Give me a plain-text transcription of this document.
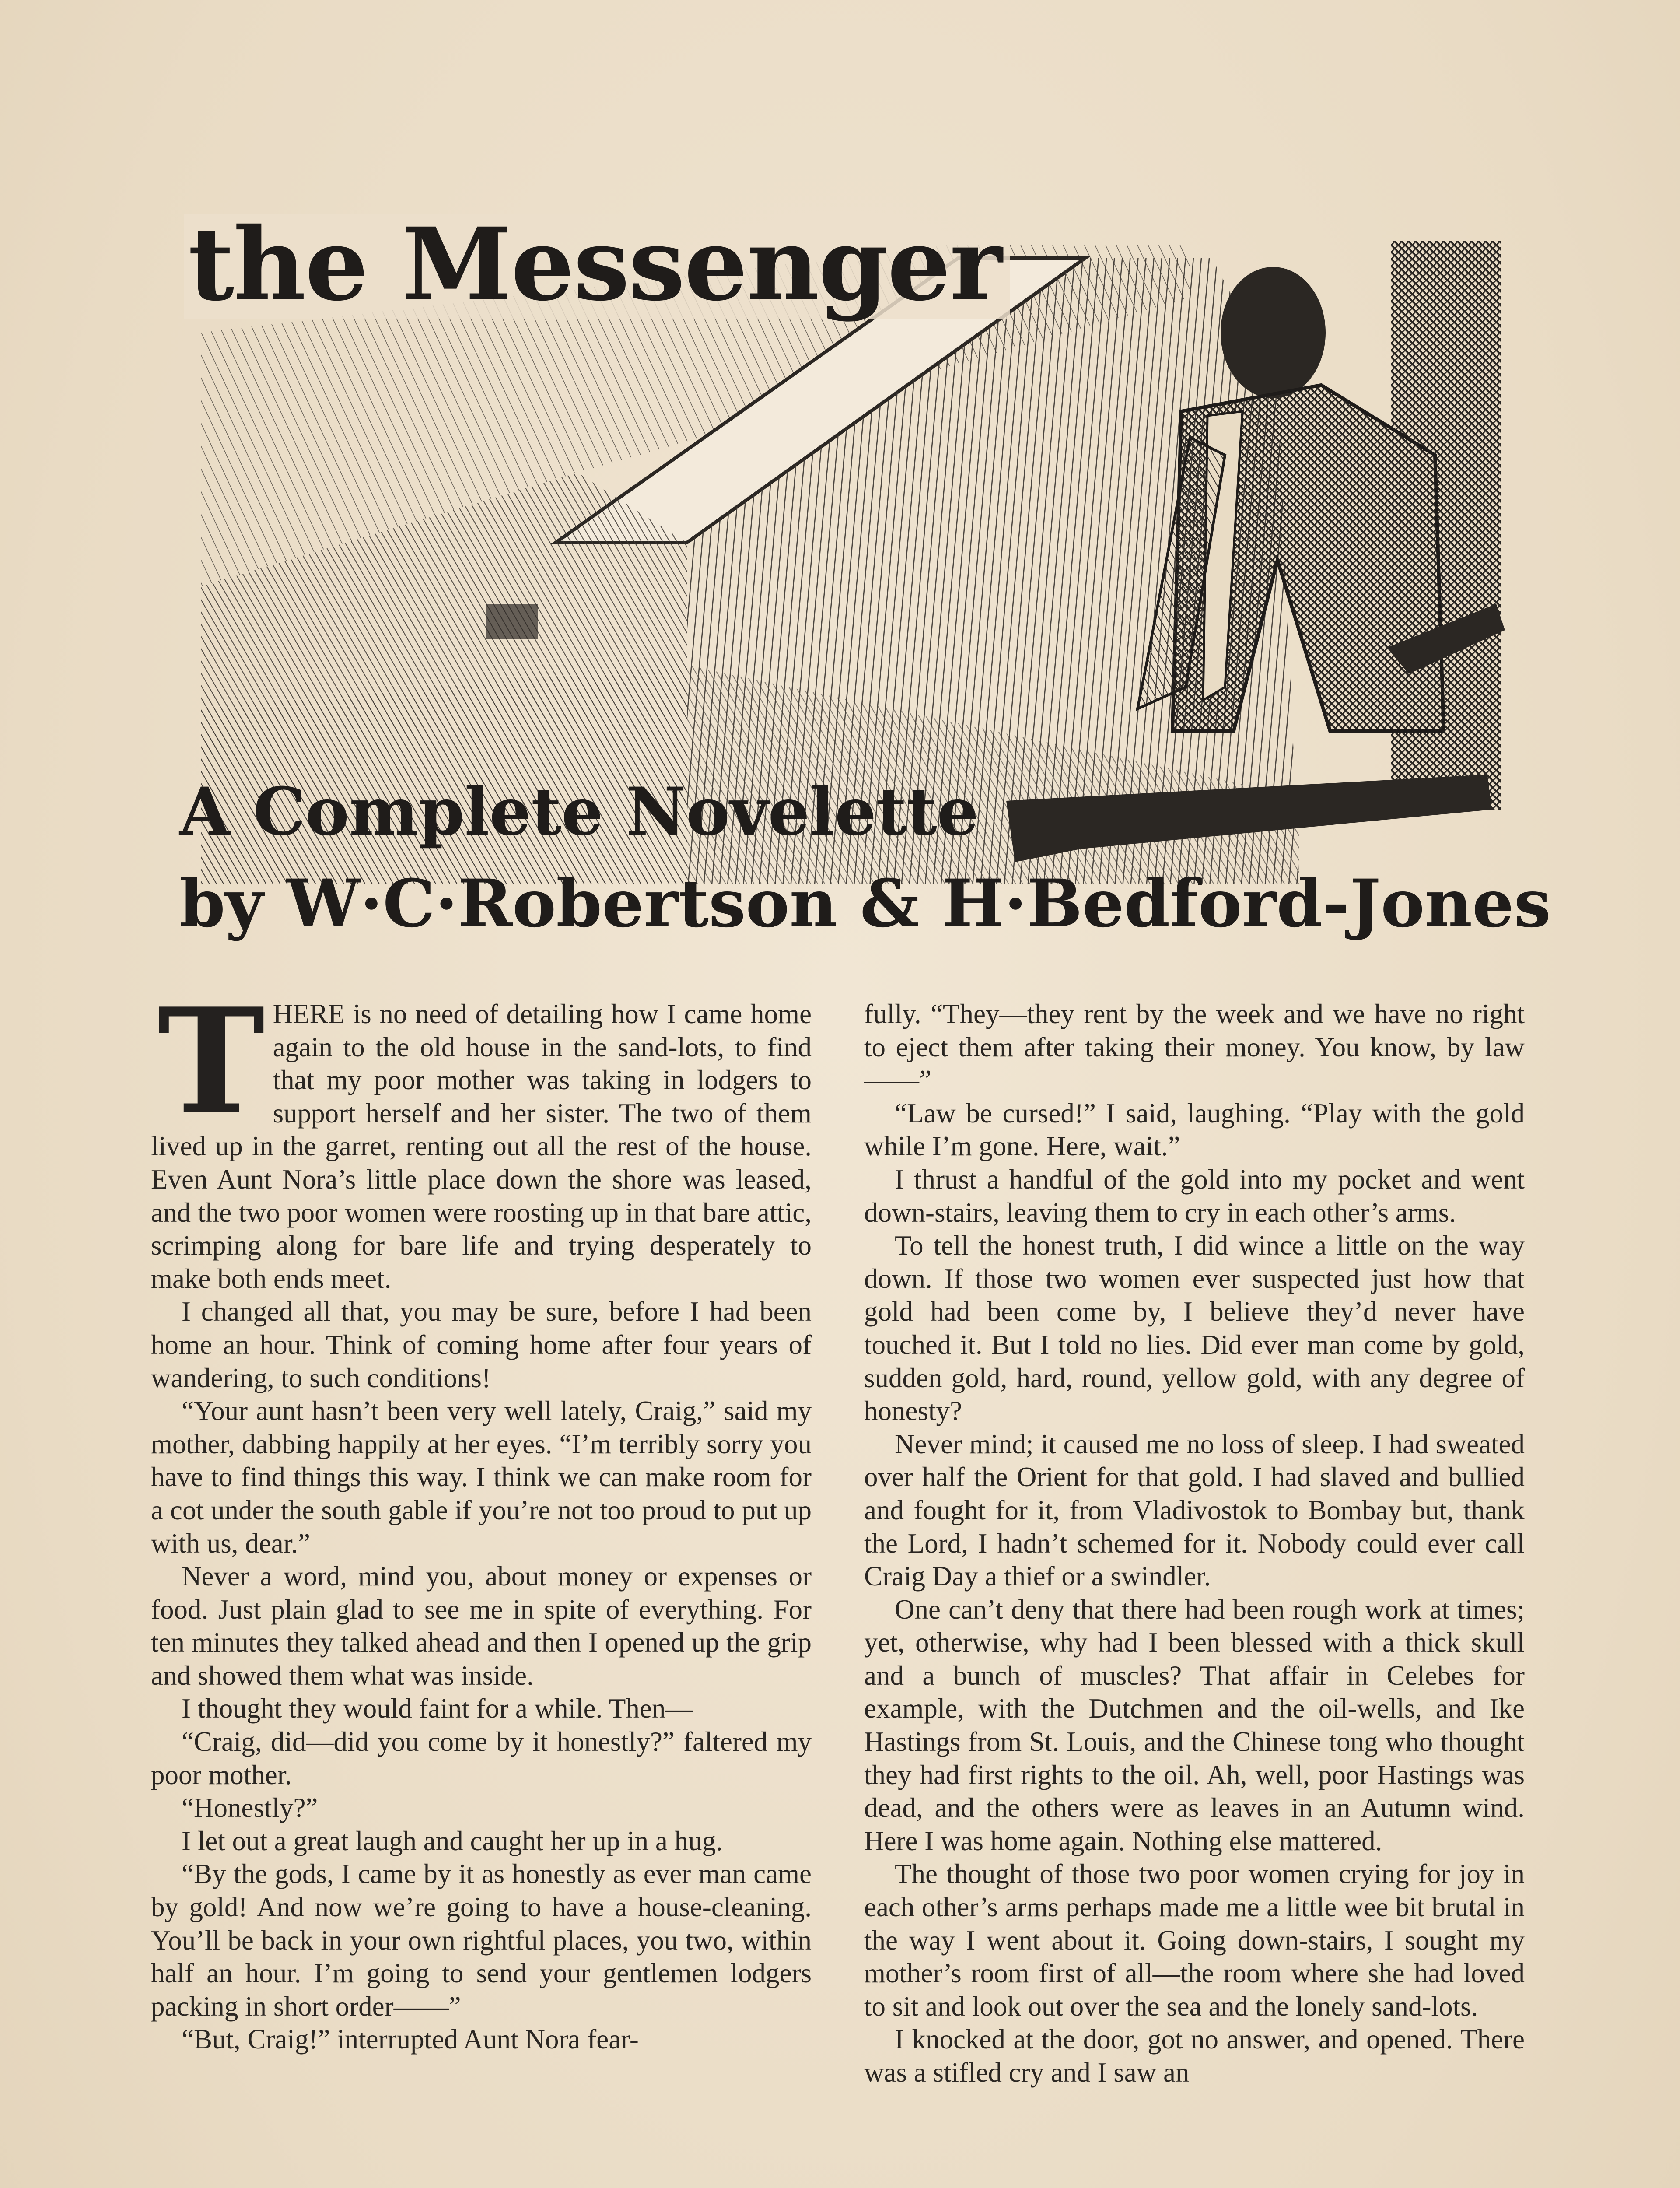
the Messenger
A Complete Novelette
by W·C·Robertson & H·Bedford-Jones

THERE is no need of detailing how I came home again to the old house in the sand-lots, to find that my poor mother was taking in lodgers to support herself and her sister. The two of them lived up in the garret, renting out all the rest of the house. Even Aunt Nora’s little place down the shore was leased, and the two poor women were roosting up in that bare attic, scrimping along for bare life and trying desperately to make both ends meet.

I changed all that, you may be sure, before I had been home an hour. Think of coming home after four years of wandering, to such conditions!

“Your aunt hasn’t been very well lately, Craig,” said my mother, dabbing happily at her eyes. “I’m terribly sorry you have to find things this way. I think we can make room for a cot under the south gable if you’re not too proud to put up with us, dear.”

Never a word, mind you, about money or expenses or food. Just plain glad to see me in spite of everything. For ten minutes they talked ahead and then I opened up the grip and showed them what was inside.

I thought they would faint for a while. Then—

“Craig, did—did you come by it honestly?” faltered my poor mother.

“Honestly?”

I let out a great laugh and caught her up in a hug.

“By the gods, I came by it as honestly as ever man came by gold! And now we’re going to have a house-cleaning. You’ll be back in your own rightful places, you two, within half an hour. I’m going to send your gentlemen lodgers packing in short order——”

“But, Craig!” interrupted Aunt Nora fear-

fully. “They—they rent by the week and we have no right to eject them after taking their money. You know, by law——”

“Law be cursed!” I said, laughing. “Play with the gold while I’m gone. Here, wait.”

I thrust a handful of the gold into my pocket and went down-stairs, leaving them to cry in each other’s arms.

To tell the honest truth, I did wince a little on the way down. If those two women ever suspected just how that gold had been come by, I believe they’d never have touched it. But I told no lies. Did ever man come by gold, sudden gold, hard, round, yellow gold, with any degree of honesty?

Never mind; it caused me no loss of sleep. I had sweated over half the Orient for that gold. I had slaved and bullied and fought for it, from Vladivostok to Bombay but, thank the Lord, I hadn’t schemed for it. Nobody could ever call Craig Day a thief or a swindler.

One can’t deny that there had been rough work at times; yet, otherwise, why had I been blessed with a thick skull and a bunch of muscles? That affair in Celebes for example, with the Dutchmen and the oil-wells, and Ike Hastings from St. Louis, and the Chinese tong who thought they had first rights to the oil. Ah, well, poor Hastings was dead, and the others were as leaves in an Autumn wind. Here I was home again. Nothing else mattered.

The thought of those two poor women crying for joy in each other’s arms perhaps made me a little wee bit brutal in the way I went about it. Going down-stairs, I sought my mother’s room first of all—the room where she had loved to sit and look out over the sea and the lonely sand-lots.

I knocked at the door, got no answer, and opened. There was a stifled cry and I saw an
